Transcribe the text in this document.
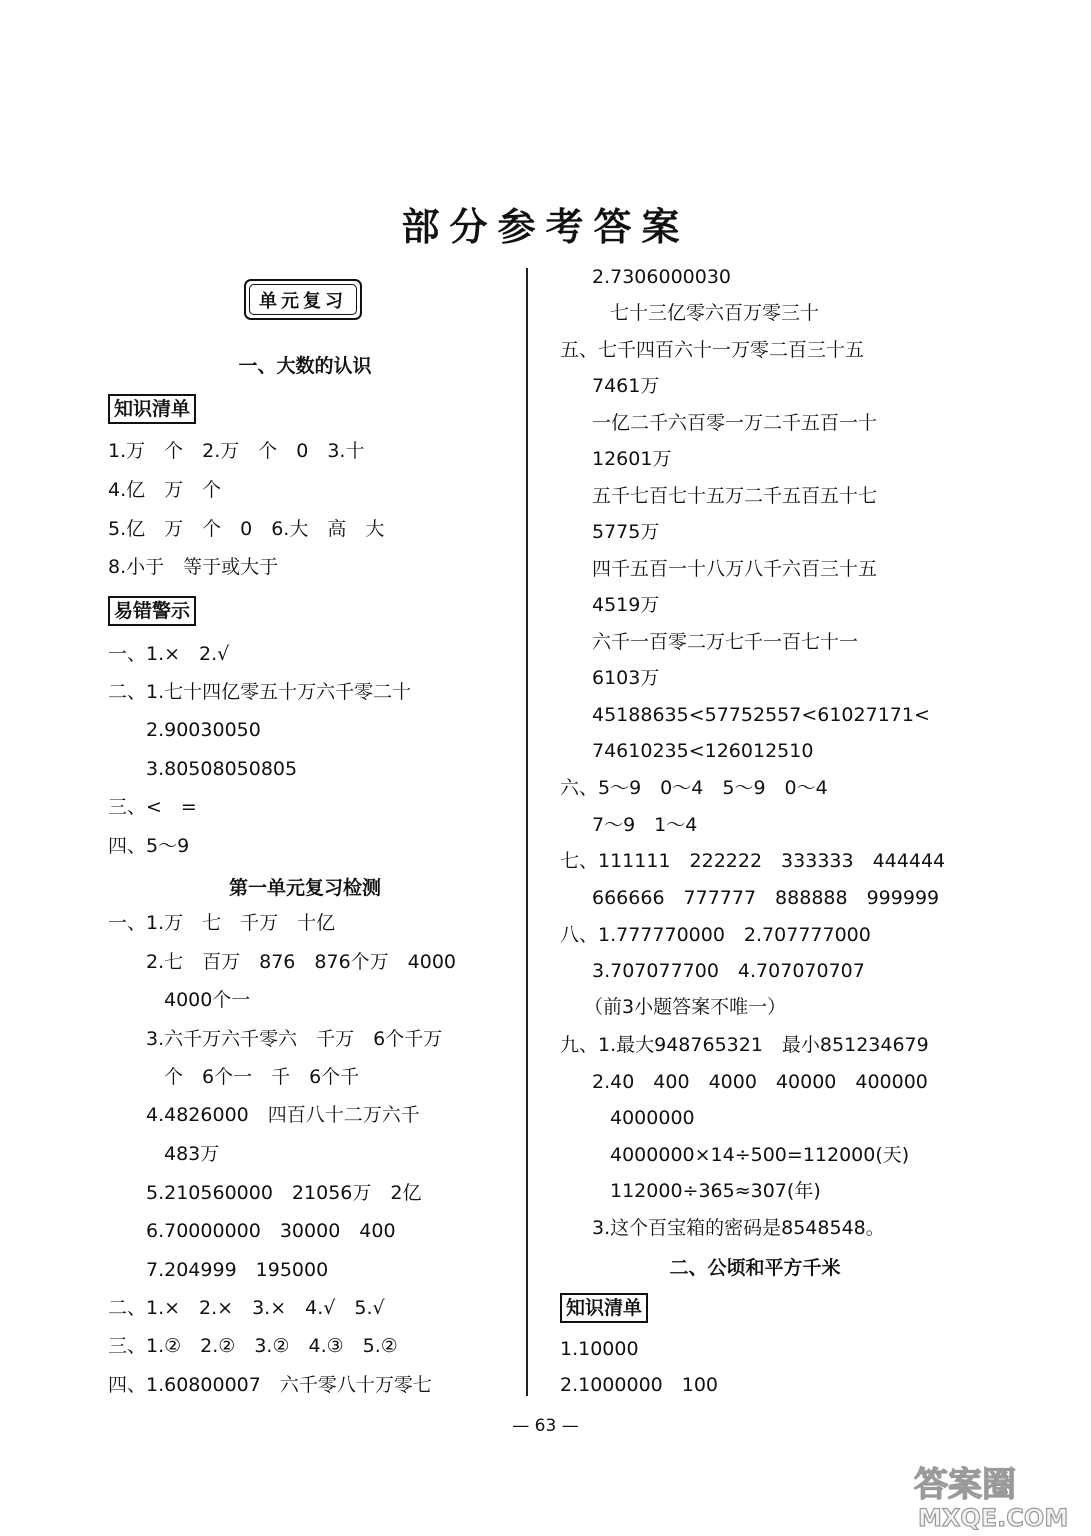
部分参考答案
单元复习
一、大数的认识
知识清单
1.万　个　2.万　个　0　3.十
4.亿　万　个
5.亿　万　个　0　6.大　高　大
8.小于　等于或大于
易错警示
一、1.×　2.√
二、1.七十四亿零五十万六千零二十
2.90030050
3.80508050805
三、<　=
四、5～9
第一单元复习检测
一、1.万　七　千万　十亿
2.七　百万　876　876个万　4000
4000个一
3.六千万六千零六　千万　6个千万
个　6个一　千　6个千
4.4826000　四百八十二万六千
483万
5.210560000　21056万　2亿
6.70000000　30000　400
7.204999　195000
二、1.×　2.×　3.×　4.√　5.√
三、1.②　2.②　3.②　4.③　5.②
四、1.60800007　六千零八十万零七
2.7306000030
七十三亿零六百万零三十
五、七千四百六十一万零二百三十五
7461万
一亿二千六百零一万二千五百一十
12601万
五千七百七十五万二千五百五十七
5775万
四千五百一十八万八千六百三十五
4519万
六千一百零二万七千一百七十一
6103万
45188635<57752557<61027171<
74610235<126012510
六、5～9　0～4　5～9　0～4
7～9　1～4
七、111111　222222　333333　444444
666666　777777　888888　999999
八、1.777770000　2.707777000
3.707077700　4.707070707
（前3小题答案不唯一）
九、1.最大948765321　最小851234679
2.40　400　4000　40000　400000
4000000
4000000×14÷500=112000(天)
112000÷365≈307(年)
3.这个百宝箱的密码是8548548。
二、公顷和平方千米
知识清单
1.10000
2.1000000　100
— 63 —
答案圈
MXQE.COM
